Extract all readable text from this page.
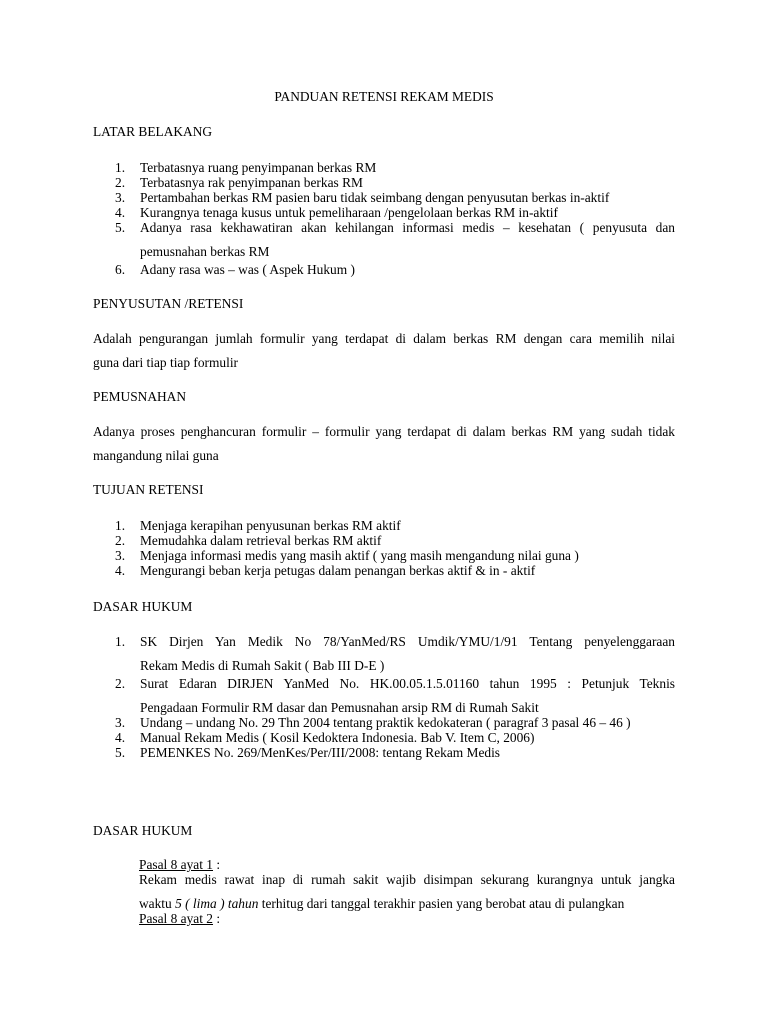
PANDUAN RETENSI REKAM MEDIS
LATAR BELAKANG
1. Terbatasnya ruang penyimpanan berkas RM
2. Terbatasnya rak penyimpanan berkas RM
3. Pertambahan berkas RM pasien baru tidak seimbang dengan penyusutan berkas in-aktif
4. Kurangnya tenaga kusus untuk pemeliharaan /pengelolaan berkas RM in-aktif
5. Adanya rasa kekhawatiran akan kehilangan informasi medis – kesehatan ( penyusuta dan
pemusnahan berkas RM
6. Adany rasa was – was ( Aspek Hukum )
PENYUSUTAN /RETENSI
Adalah pengurangan jumlah formulir yang terdapat di dalam berkas RM dengan cara memilih nilai
guna dari tiap tiap formulir
PEMUSNAHAN
Adanya proses penghancuran formulir – formulir yang terdapat di dalam berkas RM yang sudah tidak
mangandung nilai guna
TUJUAN RETENSI
1. Menjaga kerapihan penyusunan berkas RM aktif
2. Memudahka dalam retrieval berkas RM aktif
3. Menjaga informasi medis yang masih aktif ( yang masih mengandung nilai guna )
4. Mengurangi beban kerja petugas dalam penangan berkas aktif & in - aktif
DASAR HUKUM
1. SK Dirjen Yan Medik No 78/YanMed/RS Umdik/YMU/1/91 Tentang penyelenggaraan
Rekam Medis di Rumah Sakit ( Bab III D-E )
2. Surat Edaran DIRJEN YanMed No. HK.00.05.1.5.01160 tahun 1995 : Petunjuk Teknis
Pengadaan Formulir RM dasar dan Pemusnahan arsip RM di Rumah Sakit
3. Undang – undang No. 29 Thn 2004 tentang praktik kedokateran ( paragraf 3 pasal 46 – 46 )
4. Manual Rekam Medis ( Kosil Kedoktera Indonesia. Bab V. Item C, 2006)
5. PEMENKES No. 269/MenKes/Per/III/2008: tentang Rekam Medis
DASAR HUKUM
Pasal 8 ayat 1 :
Rekam medis rawat inap di rumah sakit wajib disimpan sekurang kurangnya untuk jangka
waktu 5 ( lima ) tahun terhitug dari tanggal terakhir pasien yang berobat atau di pulangkan
Pasal 8 ayat 2 :
